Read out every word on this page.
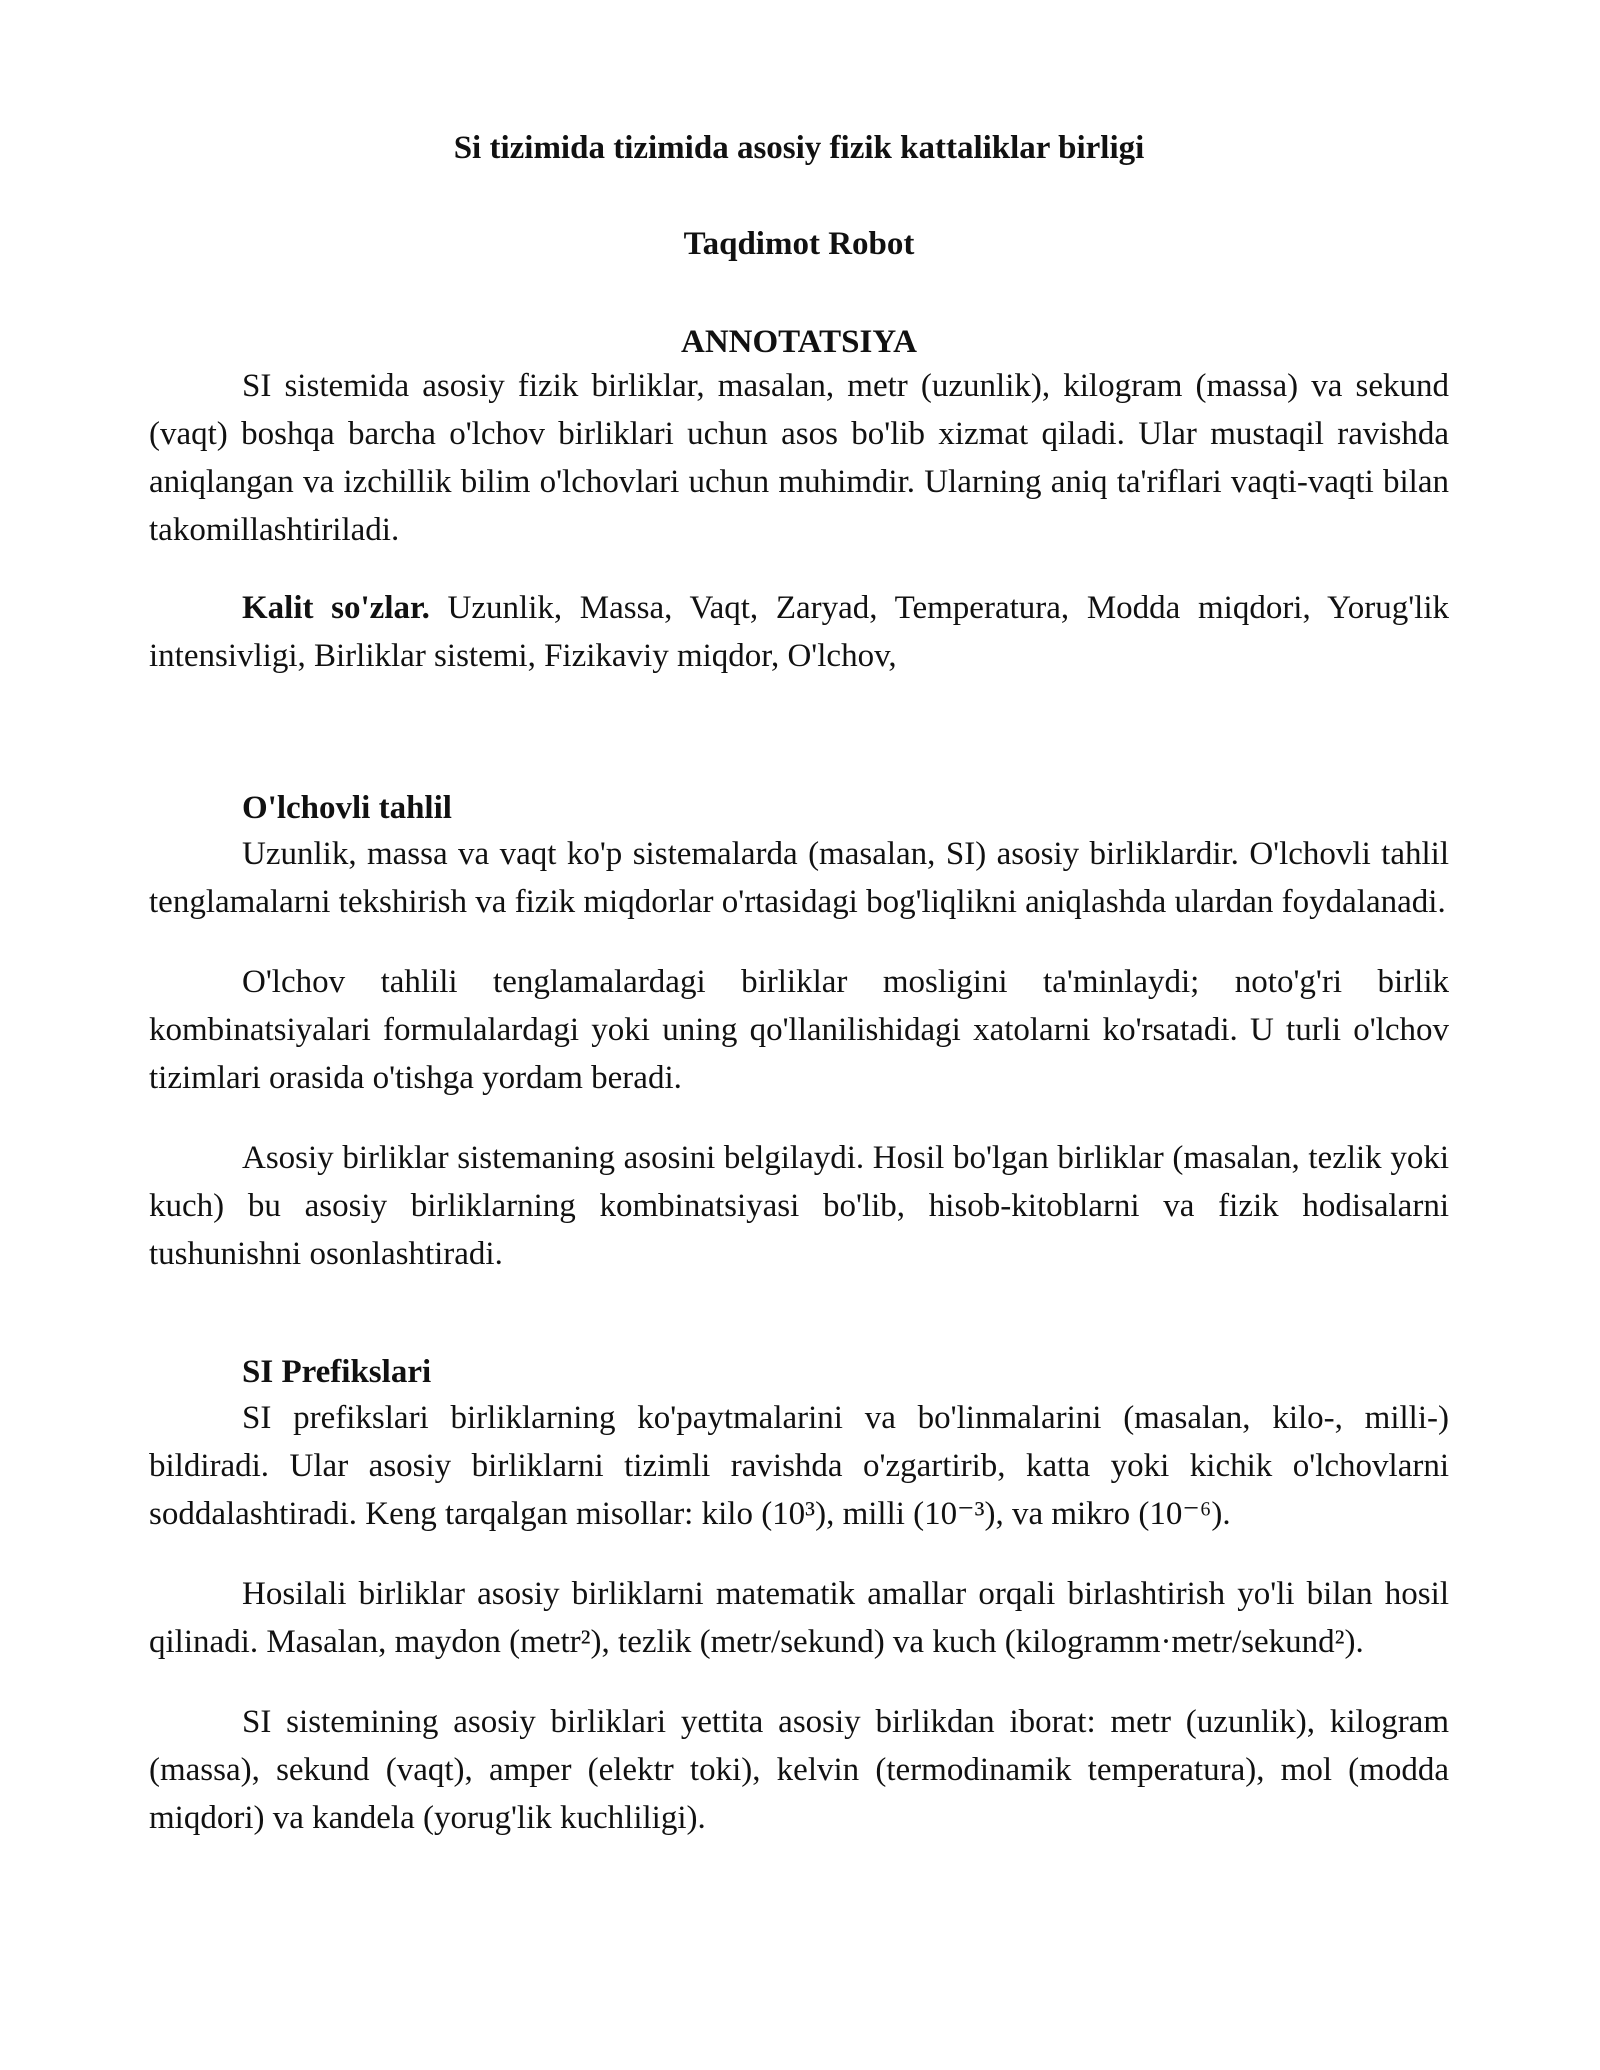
Si tizimida tizimida asosiy fizik kattaliklar birligi
Taqdimot Robot
ANNOTATSIYA

SI sistemida asosiy fizik birliklar, masalan, metr (uzunlik), kilogram (massa) va sekund (vaqt) boshqa barcha o'lchov birliklari uchun asos bo'lib xizmat qiladi. Ular mustaqil ravishda aniqlangan va izchillik bilim o'lchovlari uchun muhimdir. Ularning aniq ta'riflari vaqti-vaqti bilan takomillashtiriladi.

Kalit so'zlar. Uzunlik, Massa, Vaqt, Zaryad, Temperatura, Modda miqdori, Yorug'lik intensivligi, Birliklar sistemi, Fizikaviy miqdor, O'lchov,

O'lchovli tahlil

Uzunlik, massa va vaqt ko'p sistemalarda (masalan, SI) asosiy birliklardir. O'lchovli tahlil tenglamalarni tekshirish va fizik miqdorlar o'rtasidagi bog'liqlikni aniqlashda ulardan foydalanadi.

O'lchov tahlili tenglamalardagi birliklar mosligini ta'minlaydi; noto'g'ri birlik kombinatsiyalari formulalardagi yoki uning qo'llanilishidagi xatolarni ko'rsatadi. U turli o'lchov tizimlari orasida o'tishga yordam beradi.

Asosiy birliklar sistemaning asosini belgilaydi. Hosil bo'lgan birliklar (masalan, tezlik yoki kuch) bu asosiy birliklarning kombinatsiyasi bo'lib, hisob-kitoblarni va fizik hodisalarni tushunishni osonlashtiradi.

SI Prefikslari

SI prefikslari birliklarning ko'paytmalarini va bo'linmalarini (masalan, kilo-, milli-) bildiradi. Ular asosiy birliklarni tizimli ravishda o'zgartirib, katta yoki kichik o'lchovlarni soddalashtiradi. Keng tarqalgan misollar: kilo (10³), milli (10⁻³), va mikro (10⁻⁶).

Hosilali birliklar asosiy birliklarni matematik amallar orqali birlashtirish yo'li bilan hosil qilinadi. Masalan, maydon (metr²), tezlik (metr/sekund) va kuch (kilogramm·metr/sekund²).

SI sistemining asosiy birliklari yettita asosiy birlikdan iborat: metr (uzunlik), kilogram (massa), sekund (vaqt), amper (elektr toki), kelvin (termodinamik temperatura), mol (modda miqdori) va kandela (yorug'lik kuchliligi).
